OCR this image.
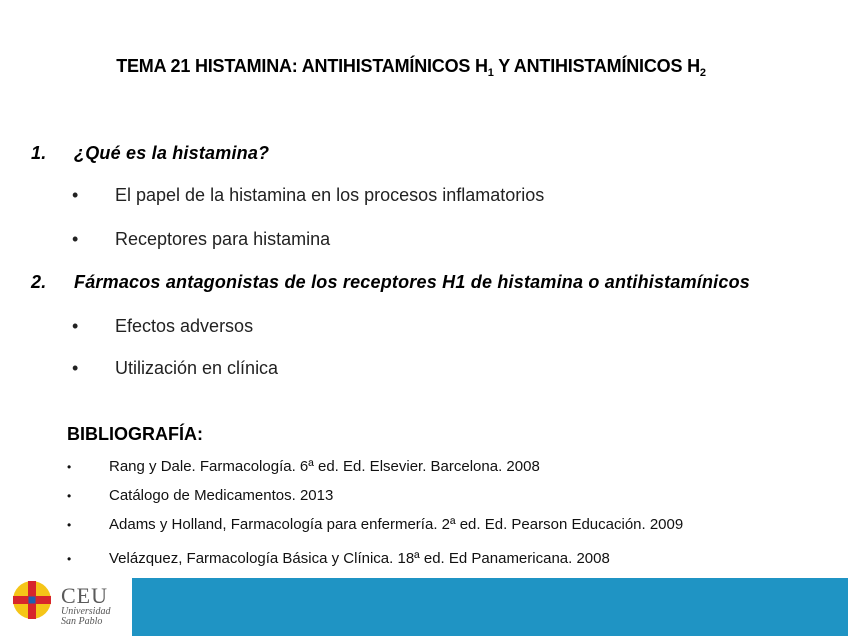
TEMA 21 HISTAMINA: ANTIHISTAMÍNICOS $H_1$ Y ANTIHISTAMÍNICOS $H_2$
1. ¿Qué es la histamina?
• El papel de la histamina en los procesos inflamatorios
• Receptores para histamina
2. Fármacos antagonistas de los receptores H1 de histamina o antihistamínicos
• Efectos adversos
• Utilización en clínica
BIBLIOGRAFÍA:
•	Rang y Dale. Farmacología. 6ª ed. Ed. Elsevier. Barcelona. 2008
•	Catálogo de Medicamentos. 2013
•	Adams y Holland, Farmacología para enfermería. 2ª ed. Ed. Pearson Educación. 2009
•	Velázquez, Farmacología Básica y Clínica. 18ª ed. Ed Panamericana. 2008
CEU
Universidad
San Pablo
